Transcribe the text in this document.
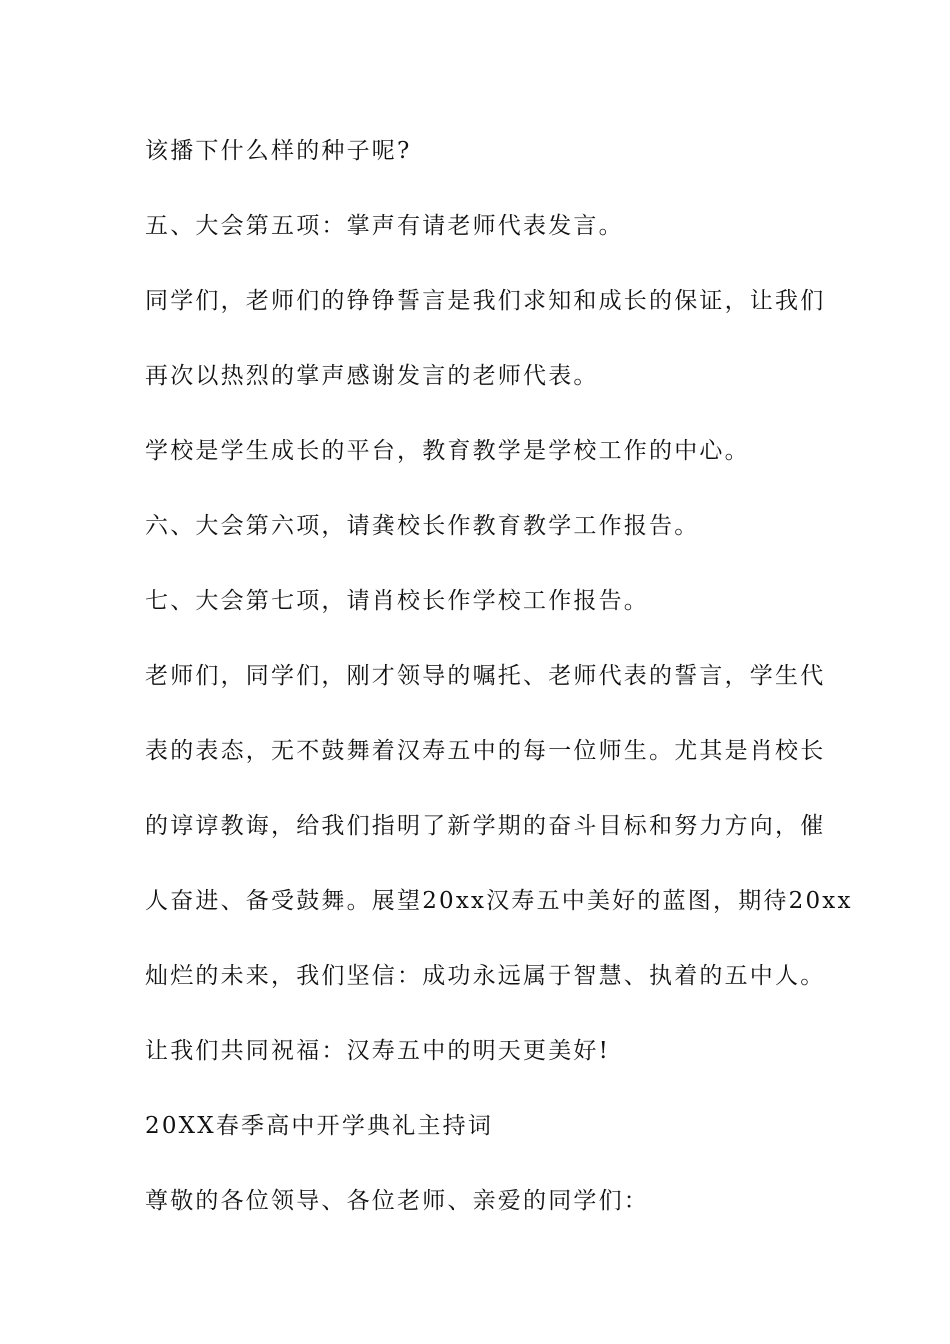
该播下什么样的种子呢?
五、大会第五项：掌声有请老师代表发言。
同学们，老师们的铮铮誓言是我们求知和成长的保证，让我们
再次以热烈的掌声感谢发言的老师代表。
学校是学生成长的平台，教育教学是学校工作的中心。
六、大会第六项，请龚校长作教育教学工作报告。
七、大会第七项，请肖校长作学校工作报告。
老师们，同学们，刚才领导的嘱托、老师代表的誓言，学生代
表的表态，无不鼓舞着汉寿五中的每一位师生。尤其是肖校长
的谆谆教诲，给我们指明了新学期的奋斗目标和努力方向，催
人奋进、备受鼓舞。展望20xx汉寿五中美好的蓝图，期待20xx
灿烂的未来，我们坚信：成功永远属于智慧、执着的五中人。
让我们共同祝福：汉寿五中的明天更美好!
20XX春季高中开学典礼主持词
尊敬的各位领导、各位老师、亲爱的同学们：
